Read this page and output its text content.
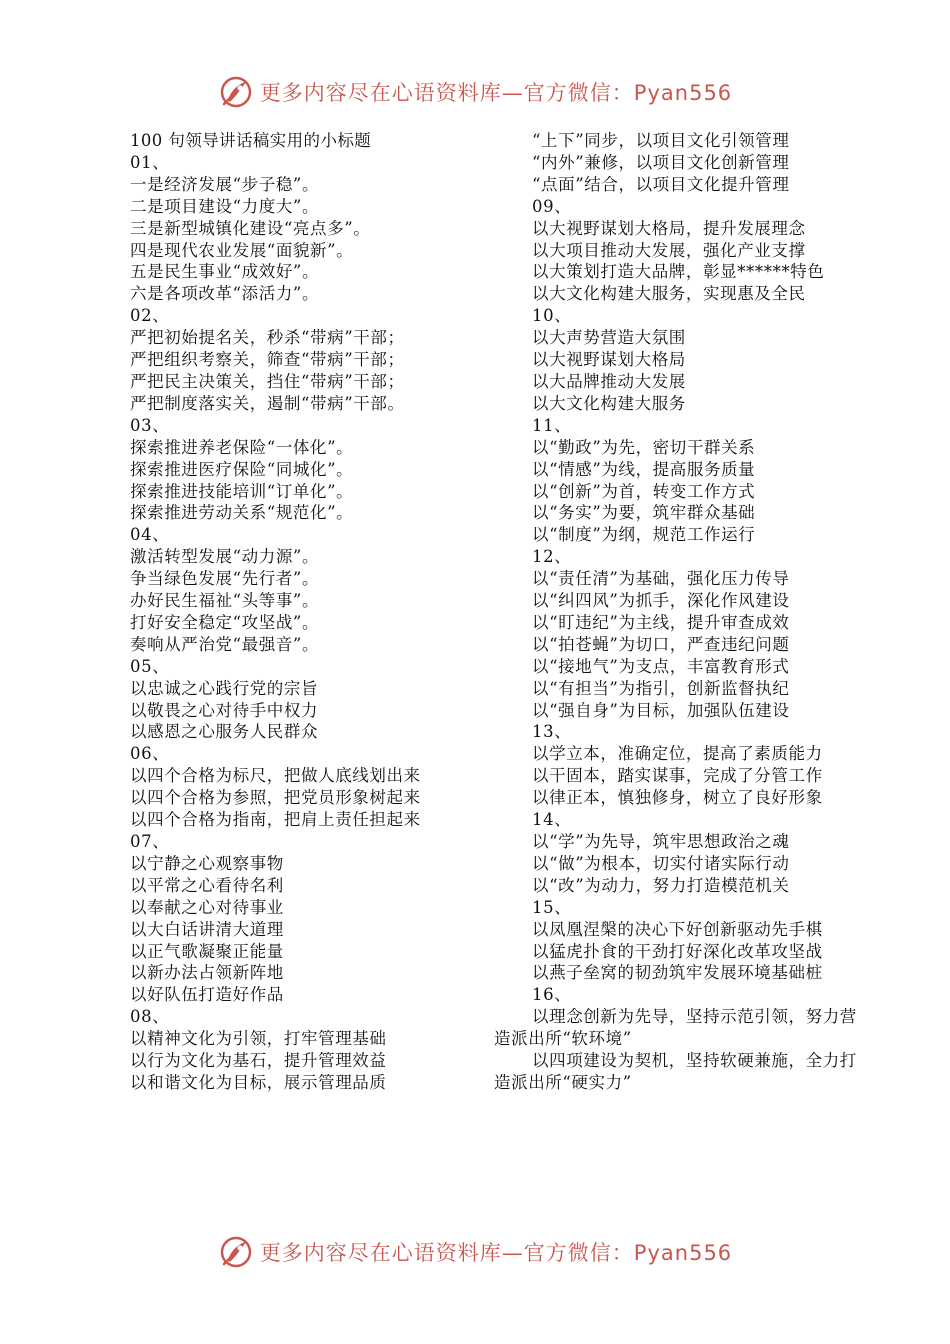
更多内容尽在心语资料库—官方微信：Pyan556
100 句领导讲话稿实用的小标题
01、
一是经济发展“步子稳”。
二是项目建设“力度大”。
三是新型城镇化建设“亮点多”。
四是现代农业发展“面貌新”。
五是民生事业“成效好”。
六是各项改革“添活力”。
02、
严把初始提名关，秒杀“带病”干部；
严把组织考察关，筛查“带病”干部；
严把民主决策关，挡住“带病”干部；
严把制度落实关，遏制“带病”干部。
03、
探索推进养老保险“一体化”。
探索推进医疗保险“同城化”。
探索推进技能培训“订单化”。
探索推进劳动关系“规范化”。
04、
激活转型发展“动力源”。
争当绿色发展“先行者”。
办好民生福祉“头等事”。
打好安全稳定“攻坚战”。
奏响从严治党“最强音”。
05、
以忠诚之心践行党的宗旨
以敬畏之心对待手中权力
以感恩之心服务人民群众
06、
以四个合格为标尺，把做人底线划出来
以四个合格为参照，把党员形象树起来
以四个合格为指南，把肩上责任担起来
07、
以宁静之心观察事物
以平常之心看待名利
以奉献之心对待事业
以大白话讲清大道理
以正气歌凝聚正能量
以新办法占领新阵地
以好队伍打造好作品
08、
以精神文化为引领，打牢管理基础
以行为文化为基石，提升管理效益
以和谐文化为目标，展示管理品质
“上下”同步，以项目文化引领管理
“内外”兼修，以项目文化创新管理
“点面”结合，以项目文化提升管理
09、
以大视野谋划大格局，提升发展理念
以大项目推动大发展，强化产业支撑
以大策划打造大品牌，彰显******特色
以大文化构建大服务，实现惠及全民
10、
以大声势营造大氛围
以大视野谋划大格局
以大品牌推动大发展
以大文化构建大服务
11、
以“勤政”为先，密切干群关系
以“情感”为线，提高服务质量
以“创新”为首，转变工作方式
以“务实”为要，筑牢群众基础
以“制度”为纲，规范工作运行
12、
以“责任清”为基础，强化压力传导
以“纠四风”为抓手，深化作风建设
以“盯违纪”为主线，提升审查成效
以“拍苍蝇”为切口，严查违纪问题
以“接地气”为支点，丰富教育形式
以“有担当”为指引，创新监督执纪
以“强自身”为目标，加强队伍建设
13、
以学立本，准确定位，提高了素质能力
以干固本，踏实谋事，完成了分管工作
以律正本，慎独修身，树立了良好形象
14、
以“学”为先导，筑牢思想政治之魂
以“做”为根本，切实付诸实际行动
以“改”为动力，努力打造模范机关
15、
以凤凰涅槃的决心下好创新驱动先手棋
以猛虎扑食的干劲打好深化改革攻坚战
以燕子垒窝的韧劲筑牢发展环境基础桩
16、
以理念创新为先导，坚持示范引领，努力营造派出所“软环境”
以四项建设为契机，坚持软硬兼施，全力打造派出所“硬实力”
更多内容尽在心语资料库—官方微信：Pyan556
